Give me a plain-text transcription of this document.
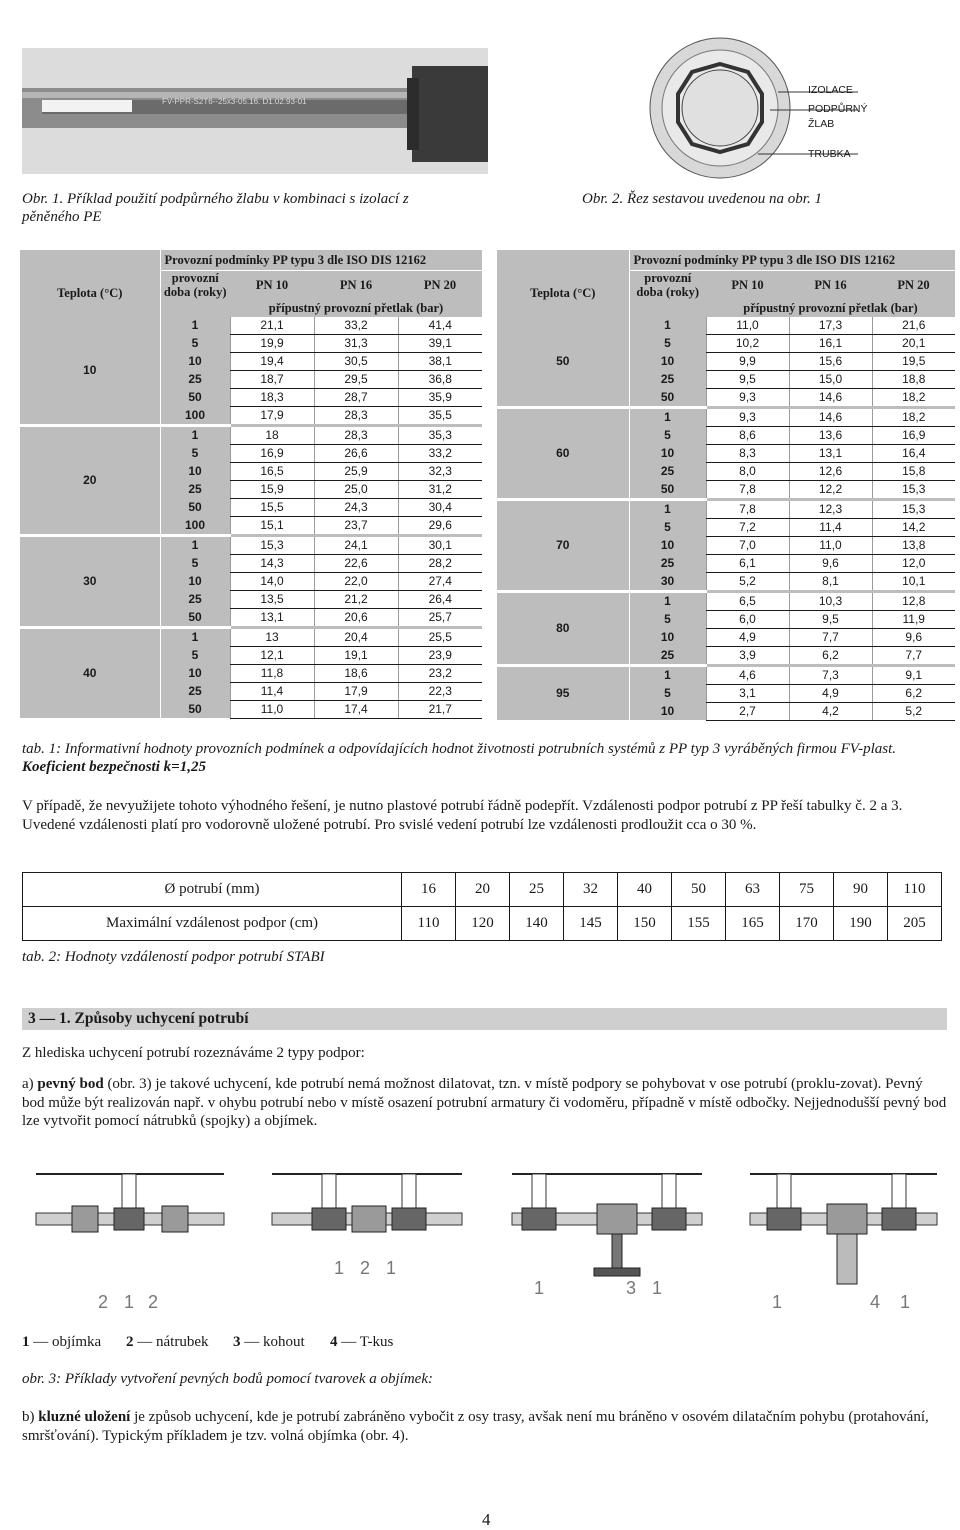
FV-PPR-S2T6--25x3-05.16. D1.02.93-01
IZOLACE
PODPŮRNÝ
ŽLAB
TRUBKA
Obr. 1. Příklad použití podpůrného žlabu v kombinaci s izolací z pěněného PE
Obr. 2. Řez sestavou uvedenou na obr. 1
	Provozní podmínky PP typu 3 dle ISO DIS 12162			
Teplota (°C)	provozní
doba (roky)	PN 10	PN 16	PN 20
		přípustný provozní přetlak (bar)		
10	1	21,1	33,2	41,4
	5	19,9	31,3	39,1
	10	19,4	30,5	38,1
	25	18,7	29,5	36,8
	50	18,3	28,7	35,9
	100	17,9	28,3	35,5
20	1	18	28,3	35,3
	5	16,9	26,6	33,2
	10	16,5	25,9	32,3
	25	15,9	25,0	31,2
	50	15,5	24,3	30,4
	100	15,1	23,7	29,6
30	1	15,3	24,1	30,1
	5	14,3	22,6	28,2
	10	14,0	22,0	27,4
	25	13,5	21,2	26,4
	50	13,1	20,6	25,7
40	1	13	20,4	25,5
	5	12,1	19,1	23,9
	10	11,8	18,6	23,2
	25	11,4	17,9	22,3
	50	11,0	17,4	21,7
	Provozní podmínky PP typu 3 dle ISO DIS 12162			
Teplota (°C)	provozní
doba (roky)	PN 10	PN 16	PN 20
		přípustný provozní přetlak (bar)		
50	1	11,0	17,3	21,6
	5	10,2	16,1	20,1
	10	9,9	15,6	19,5
	25	9,5	15,0	18,8
	50	9,3	14,6	18,2
60	1	9,3	14,6	18,2
	5	8,6	13,6	16,9
	10	8,3	13,1	16,4
	25	8,0	12,6	15,8
	50	7,8	12,2	15,3
70	1	7,8	12,3	15,3
	5	7,2	11,4	14,2
	10	7,0	11,0	13,8
	25	6,1	9,6	12,0
	30	5,2	8,1	10,1
80	1	6,5	10,3	12,8
	5	6,0	9,5	11,9
	10	4,9	7,7	9,6
	25	3,9	6,2	7,7
95	1	4,6	7,3	9,1
	5	3,1	4,9	6,2
	10	2,7	4,2	5,2
tab. 1: Informativní hodnoty provozních podmínek a odpovídajících hodnot životnosti potrubních systémů z PP typ 3 vyráběných firmou FV-plast. Koeficient bezpečnosti k=1,25
V případě, že nevyužijete tohoto výhodného řešení, je nutno plastové potrubí řádně podepřít. Vzdálenosti podpor potrubí z PP řeší tabulky č. 2 a 3. Uvedené vzdálenosti platí pro vodorovně uložené potrubí. Pro svislé vedení potrubí lze vzdálenosti prodloužit cca o 30 %.
Ø potrubí (mm)	16	20	25	32	40	50	63	75	90	110
Maximální vzdálenost podpor (cm)	110	120	140	145	150	155	165	170	190	205
tab. 2: Hodnoty vzdáleností podpor potrubí STABI
3 — 1. Způsoby uchycení potrubí
Z hlediska uchycení potrubí rozeznáváme 2 typy podpor:
a) pevný bod (obr. 3) je takové uchycení, kde potrubí nemá možnost dilatovat, tzn. v místě podpory se pohybovat v ose potrubí (proklu-zovat). Pevný bod může být realizován např. v ohybu potrubí nebo v místě osazení potrubní armatury či vodoměru, případně v místě odbočky. Nejjednodušší pevný bod lze vytvořit pomocí nátrubků (spojky) a objímek.
2 1 2
1 2 1
1	3 1
1	4 1
1 — objímka 2 — nátrubek 3 — kohout 4 — T-kus
obr. 3: Příklady vytvoření pevných bodů pomocí tvarovek a objímek:
b) kluzné uložení je způsob uchycení, kde je potrubí zabráněno vybočit z osy trasy, avšak není mu bráněno v osovém dilatačním pohybu (protahování, smršťování). Typickým příkladem je tzv. volná objímka (obr. 4).
4
